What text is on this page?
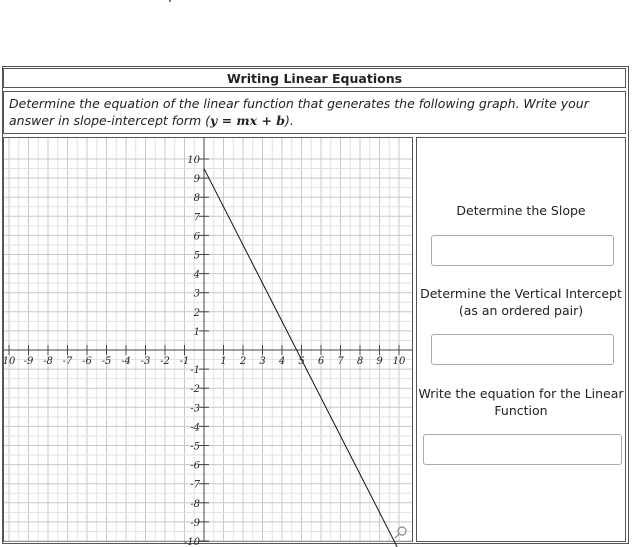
Writing Linear Equations
Determine the equation of the linear function that generates the following graph. Write your answer in slope-intercept form (y = mx + b).
10 -9 -8 -7 -6 -5 -4 -3 -2 -1	1 2 3 4 5 6 7 8 9 10
10
9
8
7
6
5
4
3
2
1
-1
-2
-3
-4
-5
-6
-7
-8
-9
-10
Determine the Slope
Determine the Vertical Intercept (as an ordered pair)
Write the equation for the Linear Function
